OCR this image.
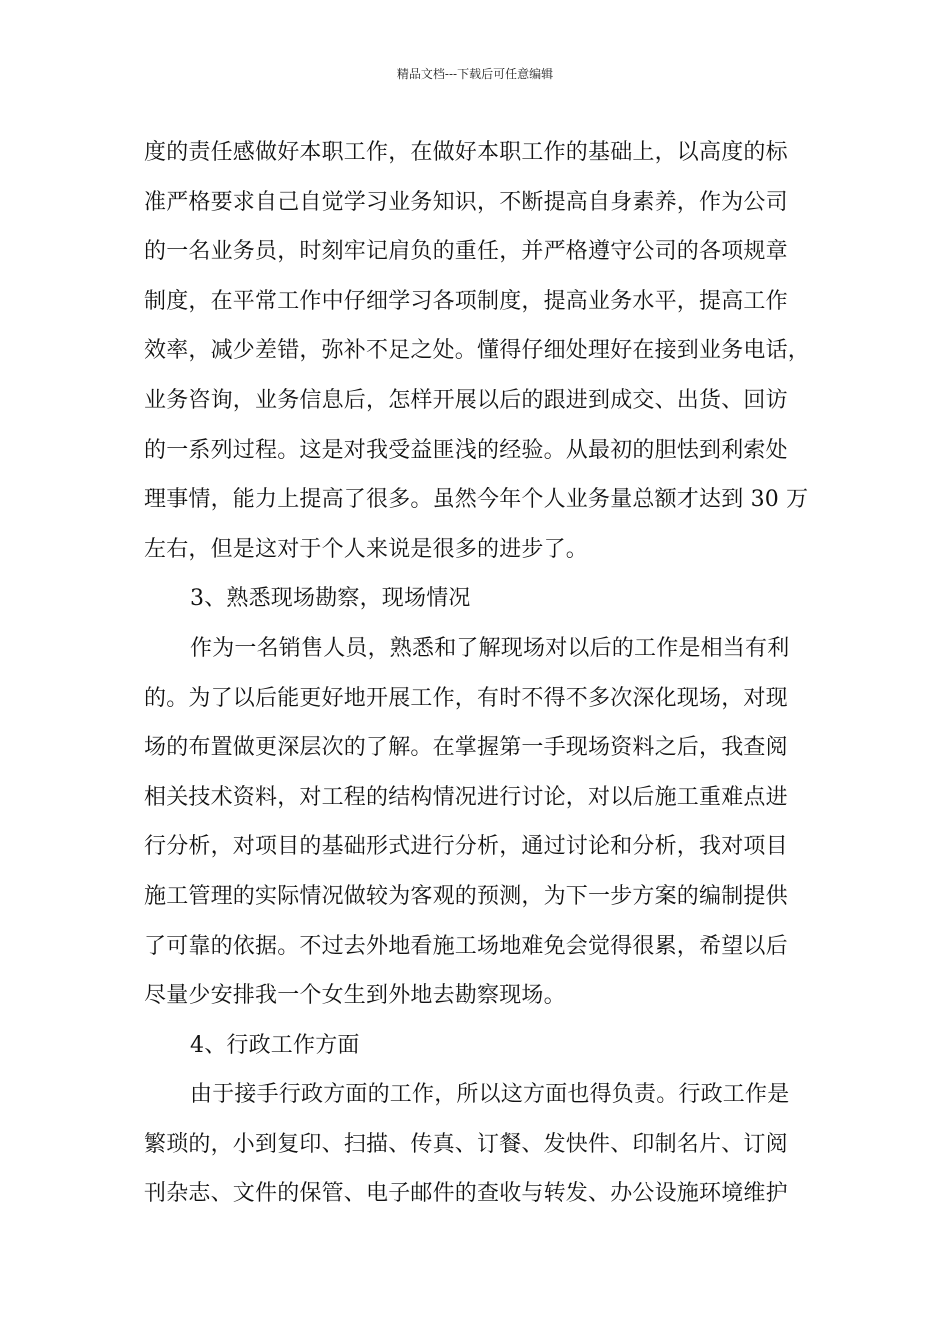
精品文档---下载后可任意编辑
度的责任感做好本职工作，在做好本职工作的基础上，以高度的标
准严格要求自己自觉学习业务知识，不断提高自身素养，作为公司
的一名业务员，时刻牢记肩负的重任，并严格遵守公司的各项规章
制度，在平常工作中仔细学习各项制度，提高业务水平，提高工作
效率，减少差错，弥补不足之处。懂得仔细处理好在接到业务电话，
业务咨询，业务信息后，怎样开展以后的跟进到成交、出货、回访
的一系列过程。这是对我受益匪浅的经验。从最初的胆怯到利索处
理事情，能力上提高了很多。虽然今年个人业务量总额才达到 30 万
左右，但是这对于个人来说是很多的进步了。
3、熟悉现场勘察，现场情况
作为一名销售人员，熟悉和了解现场对以后的工作是相当有利
的。为了以后能更好地开展工作，有时不得不多次深化现场，对现
场的布置做更深层次的了解。在掌握第一手现场资料之后，我查阅
相关技术资料，对工程的结构情况进行讨论，对以后施工重难点进
行分析，对项目的基础形式进行分析，通过讨论和分析，我对项目
施工管理的实际情况做较为客观的预测，为下一步方案的编制提供
了可靠的依据。不过去外地看施工场地难免会觉得很累，希望以后
尽量少安排我一个女生到外地去勘察现场。
4、行政工作方面
由于接手行政方面的工作，所以这方面也得负责。行政工作是
繁琐的，小到复印、扫描、传真、订餐、发快件、印制名片、订阅
刊杂志、文件的保管、电子邮件的查收与转发、办公设施环境维护
